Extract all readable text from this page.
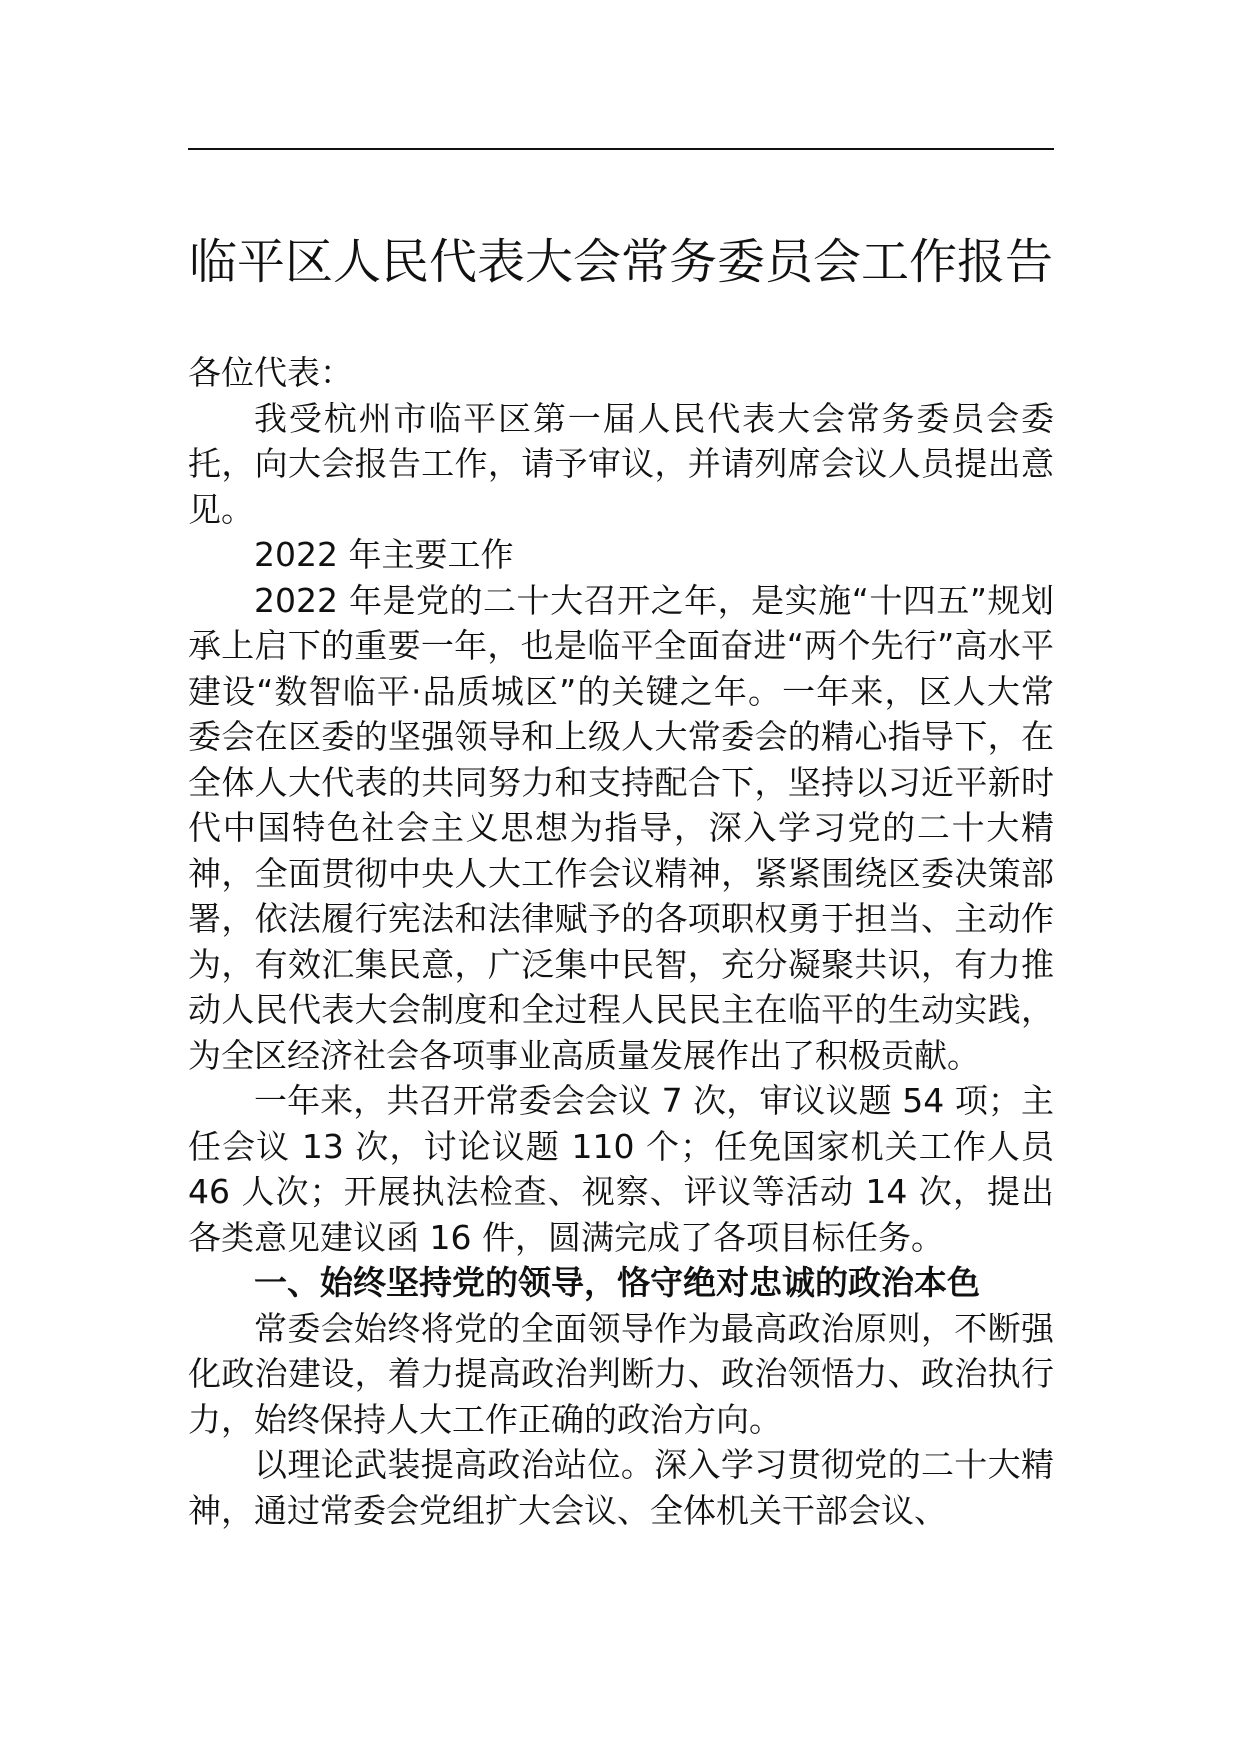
临平区人民代表大会常务委员会工作报告

各位代表：

我受杭州市临平区第一届人民代表大会常务委员会委托，向大会报告工作，请予审议，并请列席会议人员提出意见。

2022 年主要工作

2022 年是党的二十大召开之年，是实施“十四五”规划承上启下的重要一年，也是临平全面奋进“两个先行”高水平建设“数智临平·品质城区”的关键之年。一年来，区人大常委会在区委的坚强领导和上级人大常委会的精心指导下，在全体人大代表的共同努力和支持配合下，坚持以习近平新时代中国特色社会主义思想为指导，深入学习党的二十大精神，全面贯彻中央人大工作会议精神，紧紧围绕区委决策部署，依法履行宪法和法律赋予的各项职权勇于担当、主动作为，有效汇集民意，广泛集中民智，充分凝聚共识，有力推动人民代表大会制度和全过程人民民主在临平的生动实践，为全区经济社会各项事业高质量发展作出了积极贡献。

一年来，共召开常委会会议 7 次，审议议题 54 项；主任会议 13 次，讨论议题 110 个；任免国家机关工作人员 46 人次；开展执法检查、视察、评议等活动 14 次，提出各类意见建议函 16 件，圆满完成了各项目标任务。

一、始终坚持党的领导，恪守绝对忠诚的政治本色

常委会始终将党的全面领导作为最高政治原则，不断强化政治建设，着力提高政治判断力、政治领悟力、政治执行力，始终保持人大工作正确的政治方向。

以理论武装提高政治站位。深入学习贯彻党的二十大精神，通过常委会党组扩大会议、全体机关干部会议、
